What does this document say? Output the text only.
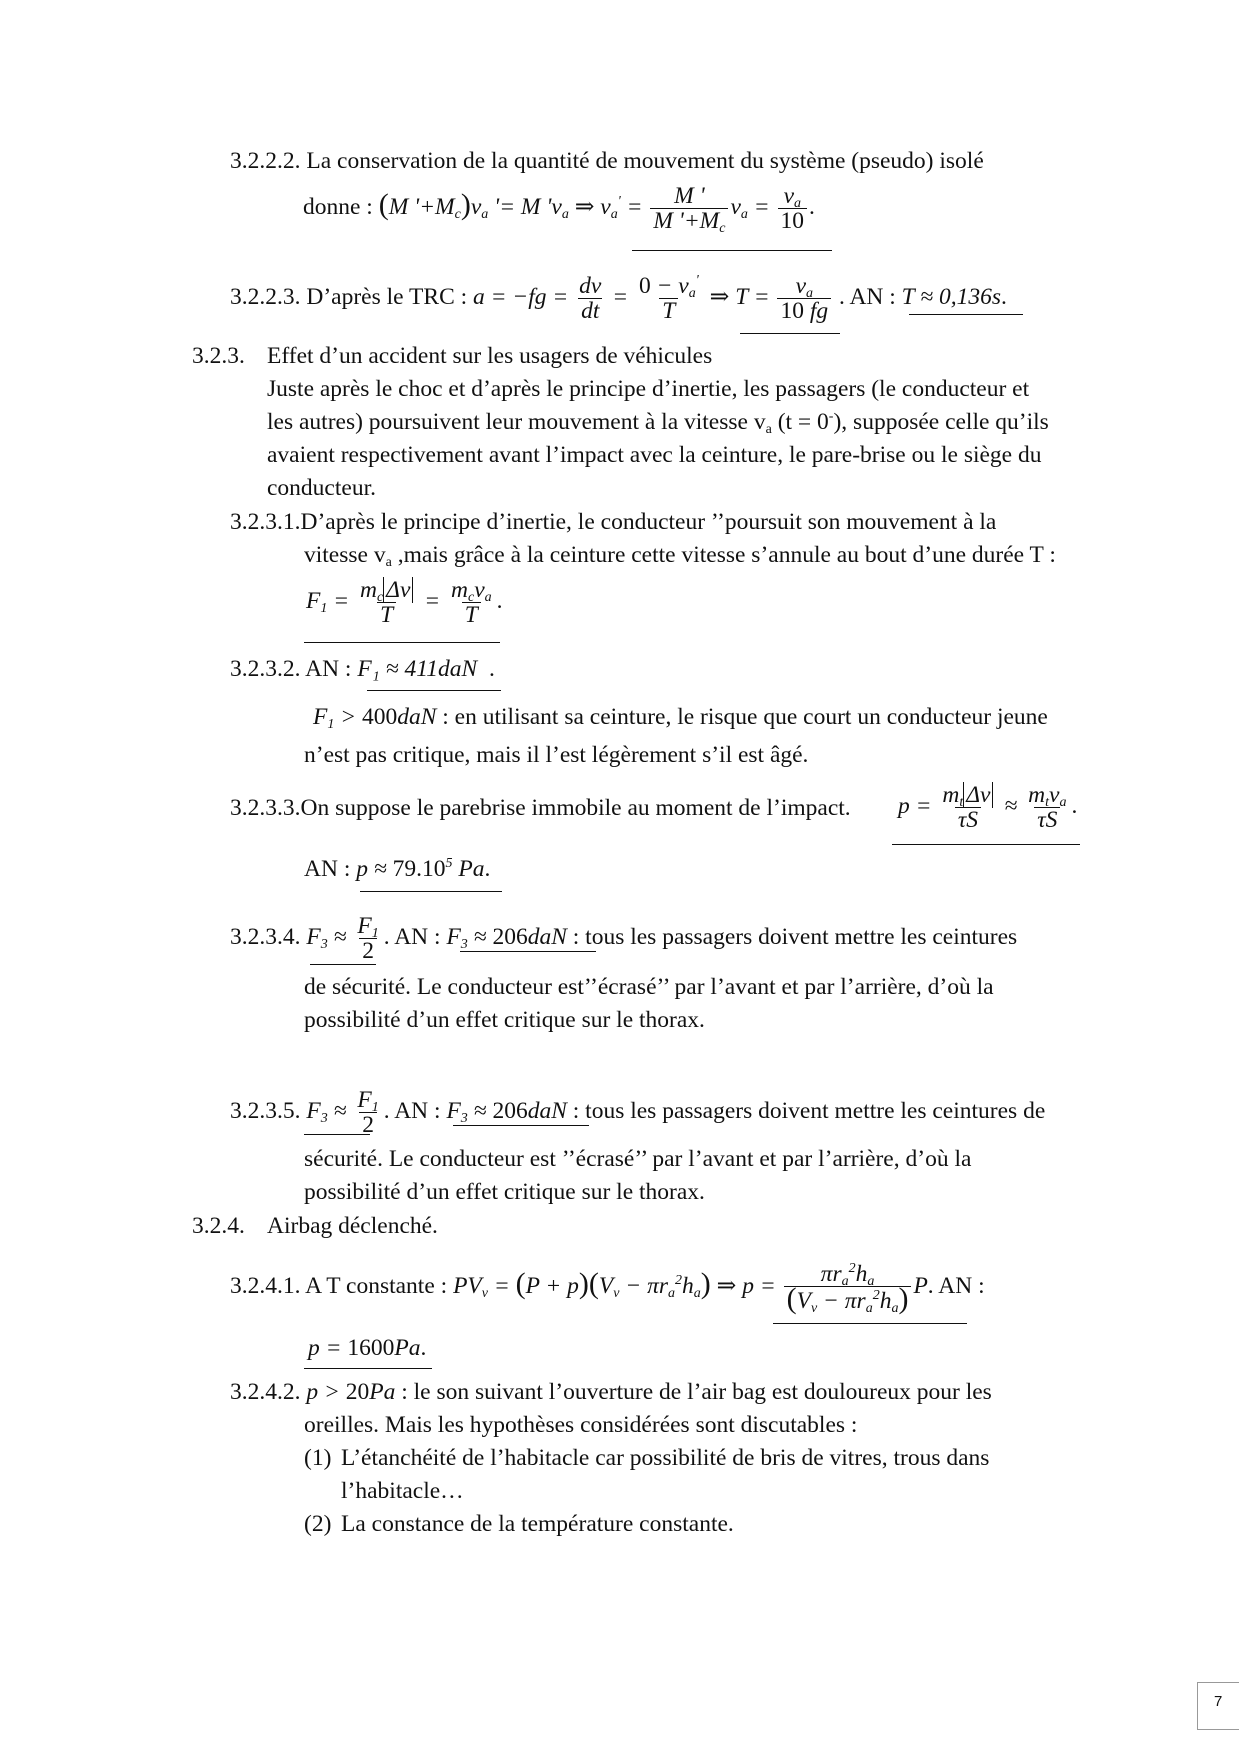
3.2.2.2. La conservation de la quantité de mouvement du système (pseudo) isolé
donne : (M '$+M_c)v_a$ '= M '$v_a$ ⇒ $v_a' = \frac{M '}{M '+M_c} v_a = \frac{v_a}{10}$ .
3.2.2.3. D’après le TRC : $a = -fg = \frac{dv}{dt} = \frac{0 - v_a'}{T}$ ⇒ $T = \frac{v_a}{10 fg}$ . AN : T ≈ 0,136s.
3.2.3. Effet d’un accident sur les usagers de véhicules
Juste après le choc et d’après le principe d’inertie, les passagers (le conducteur et
les autres) poursuivent leur mouvement à la vitesse $v_a$ (t = 0-), supposée celle qu’ils
avaient respectivement avant l’impact avec la ceinture, le pare-brise ou le siège du
conducteur.
3.2.3.1.D’après le principe d’inertie, le conducteur ’’poursuit son mouvement à la
vitesse $v_a$ ,mais grâce à la ceinture cette vitesse s’annule au bout d’une durée T :
$F_1 = m_c$ Δv
T
= $m_cv_a$
T
.
3.2.3.2. AN : F₁ ≈ 411daN  .
$F_1 > 400daN$ : en utilisant sa ceinture, le risque que court un conducteur jeune
n’est pas critique, mais il l’est légèrement s’il est âgé.
3.2.3.3.On suppose le parebrise immobile au moment de l’impact. $p = m_t$ Δv
τS
≈ $m_tv_a$
τS
.
AN : $p \approx 79.10^5$ Pa.
3.2.3.4. $F_3 \approx \frac{F_1}{2}$ . AN : $F_3 \approx 206daN$ : tous les passagers doivent mettre les ceintures
de sécurité. Le conducteur est’’écrasé’’ par l’avant et par l’arrière, d’où la
possibilité d’un effet critique sur le thorax.
3.2.3.5. $F_3 \approx \frac{F_1}{2}$ . AN : $F_3 \approx 206daN$ : tous les passagers doivent mettre les ceintures de
sécurité. Le conducteur est ’’écrasé’’ par l’avant et par l’arrière, d’où la
possibilité d’un effet critique sur le thorax.
3.2.4. Airbag déclenché.
3.2.4.1. A T constante : $PV_v = (P + p)(V_v - \pi r_a^2h_a)$ ⇒ $p = \pi r_a^2h_a$
$(V_v - \pi r_a^2h_a)$ P. AN :
p = 1600Pa.
3.2.4.2. p > 20Pa : le son suivant l’ouverture de l’air bag est douloureux pour les
oreilles. Mais les hypothèses considérées sont discutables :
(1) L’étanchéité de l’habitacle car possibilité de bris de vitres, trous dans
l’habitacle…
(2) La constance de la température constante.
7
